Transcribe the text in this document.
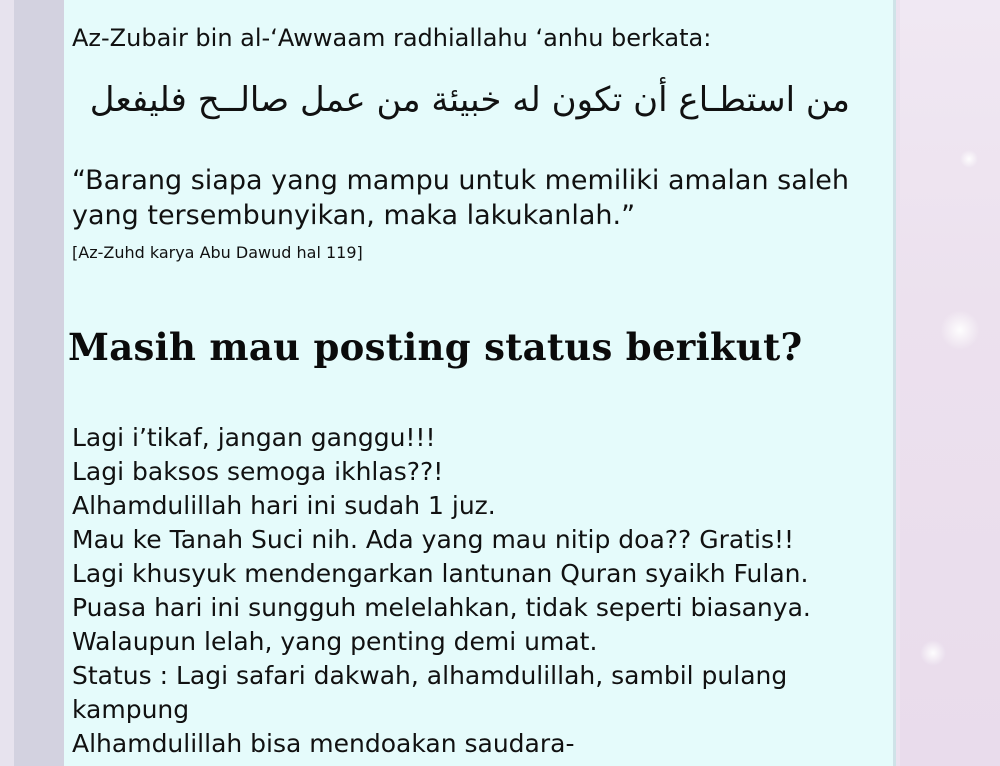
Az-Zubair bin al-‘Awwaam radhiallahu ‘anhu berkata:
من استطـاع أن تكون له خبيئة من عمل صالــح فليفعل
“Barang siapa yang mampu untuk memiliki amalan saleh yang tersembunyikan, maka lakukanlah.”
[Az-Zuhd karya Abu Dawud hal 119]
Masih mau posting status berikut?
Lagi i’tikaf, jangan ganggu!!!
Lagi baksos semoga ikhlas??!
Alhamdulillah hari ini sudah 1 juz.
Mau ke Tanah Suci nih. Ada yang mau nitip doa?? Gratis!!
Lagi khusyuk mendengarkan lantunan Quran syaikh Fulan.
Puasa hari ini sungguh melelahkan, tidak seperti biasanya.
Walaupun lelah, yang penting demi umat.
Status : Lagi safari dakwah, alhamdulillah, sambil pulang kampung
Alhamdulillah bisa mendoakan saudara-
